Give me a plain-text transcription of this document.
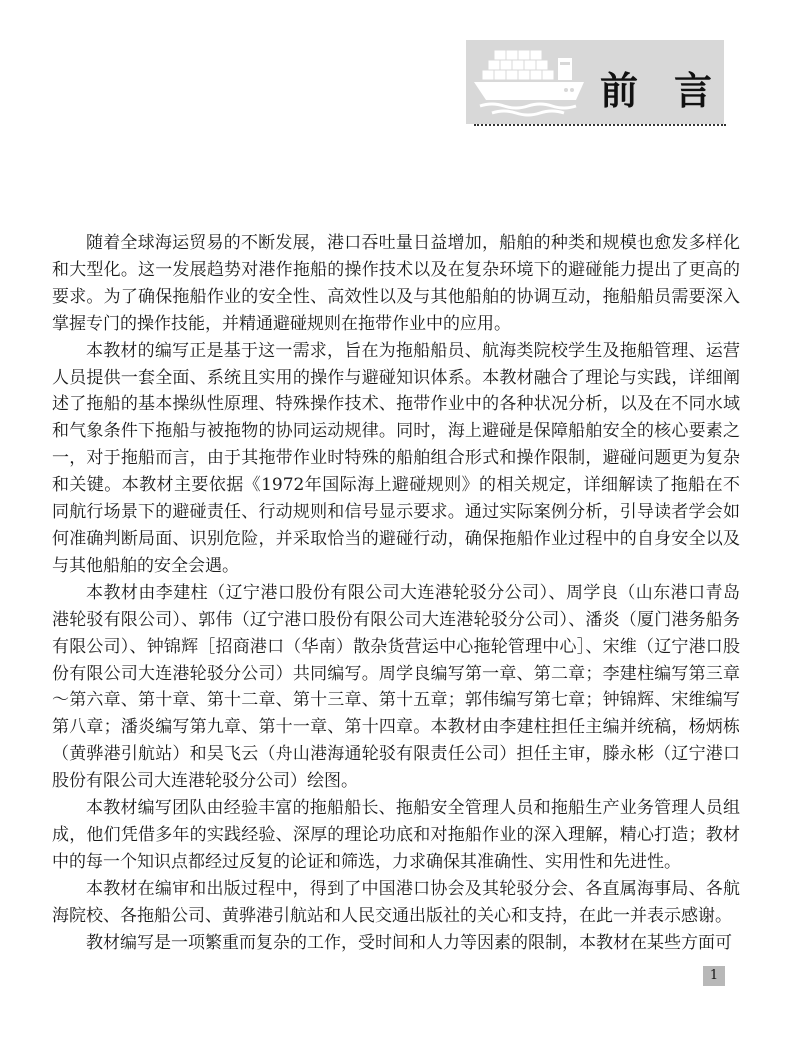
前言

随着全球海运贸易的不断发展，港口吞吐量日益增加，船舶的种类和规模也愈发多样化和大型化。这一发展趋势对港作拖船的操作技术以及在复杂环境下的避碰能力提出了更高的要求。为了确保拖船作业的安全性、高效性以及与其他船舶的协调互动，拖船船员需要深入掌握专门的操作技能，并精通避碰规则在拖带作业中的应用。

本教材的编写正是基于这一需求，旨在为拖船船员、航海类院校学生及拖船管理、运营人员提供一套全面、系统且实用的操作与避碰知识体系。本教材融合了理论与实践，详细阐述了拖船的基本操纵性原理、特殊操作技术、拖带作业中的各种状况分析，以及在不同水域和气象条件下拖船与被拖物的协同运动规律。同时，海上避碰是保障船舶安全的核心要素之一，对于拖船而言，由于其拖带作业时特殊的船舶组合形式和操作限制，避碰问题更为复杂和关键。本教材主要依据《1972年国际海上避碰规则》的相关规定，详细解读了拖船在不同航行场景下的避碰责任、行动规则和信号显示要求。通过实际案例分析，引导读者学会如何准确判断局面、识别危险，并采取恰当的避碰行动，确保拖船作业过程中的自身安全以及与其他船舶的安全会遇。

本教材由李建柱（辽宁港口股份有限公司大连港轮驳分公司）、周学良（山东港口青岛港轮驳有限公司）、郭伟（辽宁港口股份有限公司大连港轮驳分公司）、潘炎（厦门港务船务有限公司）、钟锦辉［招商港口（华南）散杂货营运中心拖轮管理中心］、宋维（辽宁港口股份有限公司大连港轮驳分公司）共同编写。周学良编写第一章、第二章；李建柱编写第三章～第六章、第十章、第十二章、第十三章、第十五章；郭伟编写第七章；钟锦辉、宋维编写第八章；潘炎编写第九章、第十一章、第十四章。本教材由李建柱担任主编并统稿，杨炳栋（黄骅港引航站）和吴飞云（舟山港海通轮驳有限责任公司）担任主审，滕永彬（辽宁港口股份有限公司大连港轮驳分公司）绘图。

本教材编写团队由经验丰富的拖船船长、拖船安全管理人员和拖船生产业务管理人员组成，他们凭借多年的实践经验、深厚的理论功底和对拖船作业的深入理解，精心打造；教材中的每一个知识点都经过反复的论证和筛选，力求确保其准确性、实用性和先进性。

本教材在编审和出版过程中，得到了中国港口协会及其轮驳分会、各直属海事局、各航海院校、各拖船公司、黄骅港引航站和人民交通出版社的关心和支持，在此一并表示感谢。

教材编写是一项繁重而复杂的工作，受时间和人力等因素的限制，本教材在某些方面可

1
